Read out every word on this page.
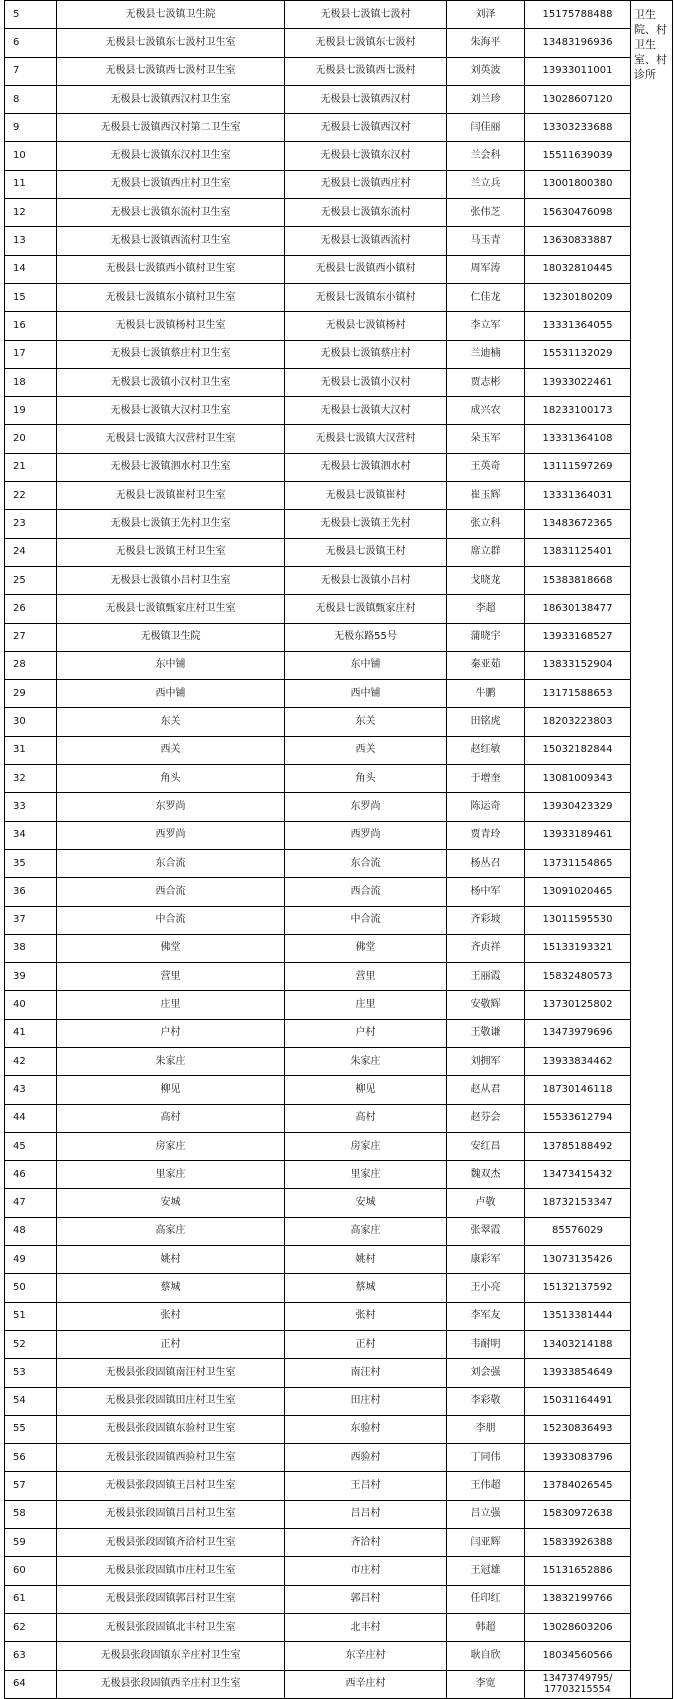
5	无极县七汲镇卫生院	无极县七汲镇七汲村	刘泽	15175788488	卫生院、村卫生室、村诊所
6	无极县七汲镇东七汲村卫生室	无极县七汲镇东七汲村	朱海平	13483196936	
7	无极县七汲镇西七汲村卫生室	无极县七汲镇西七汲村	刘英波	13933011001	
8	无极县七汲镇西汉村卫生室	无极县七汲镇西汉村	刘兰珍	13028607120	
9	无极县七汲镇西汉村第二卫生室	无极县七汲镇西汉村	闫佳丽	13303233688	
10	无极县七汲镇东汉村卫生室	无极县七汲镇东汉村	兰会科	15511639039	
11	无极县七汲镇西庄村卫生室	无极县七汲镇西庄村	兰立兵	13001800380	
12	无极县七汲镇东流村卫生室	无极县七汲镇东流村	张伟芝	15630476098	
13	无极县七汲镇西流村卫生室	无极县七汲镇西流村	马玉青	13630833887	
14	无极县七汲镇西小镇村卫生室	无极县七汲镇西小镇村	周军涛	18032810445	
15	无极县七汲镇东小镇村卫生室	无极县七汲镇东小镇村	仁佳龙	13230180209	
16	无极县七汲镇杨村卫生室	无极县七汲镇杨村	李立军	13331364055	
17	无极县七汲镇蔡庄村卫生室	无极县七汲镇蔡庄村	兰迪楠	15531132029	
18	无极县七汲镇小汉村卫生室	无极县七汲镇小汉村	贾志彬	13933022461	
19	无极县七汲镇大汉村卫生室	无极县七汲镇大汉村	成兴农	18233100173	
20	无极县七汲镇大汉营村卫生室	无极县七汲镇大汉营村	朵玉军	13331364108	
21	无极县七汲镇泗水村卫生室	无极县七汲镇泗水村	王英奇	13111597269	
22	无极县七汲镇崔村卫生室	无极县七汲镇崔村	崔玉辉	13331364031	
23	无极县七汲镇王先村卫生室	无极县七汲镇王先村	张立科	13483672365	
24	无极县七汲镇王村卫生室	无极县七汲镇王村	席立群	13831125401	
25	无极县七汲镇小吕村卫生室	无极县七汲镇小吕村	戈晓龙	15383818668	
26	无极县七汲镇甄家庄村卫生室	无极县七汲镇甄家庄村	李超	18630138477	
27	无极镇卫生院	无极东路55号	蒲晓宇	13933168527	
28	东中铺	东中铺	秦亚茹	13833152904	
29	西中铺	西中铺	牛鹏	13171588653	
30	东关	东关	田铭虎	18203223803	
31	西关	西关	赵红敏	15032182844	
32	角头	角头	于增奎	13081009343	
33	东罗尚	东罗尚	陈运奇	13930423329	
34	西罗尚	西罗尚	贾青玲	13933189461	
35	东合流	东合流	杨丛召	13731154865	
36	西合流	西合流	杨中军	13091020465	
37	中合流	中合流	齐彩坡	13011595530	
38	佛堂	佛堂	齐贞祥	15133193321	
39	营里	营里	王丽霞	15832480573	
40	庄里	庄里	安敬辉	13730125802	
41	户村	户村	王敬谦	13473979696	
42	朱家庄	朱家庄	刘拥军	13933834462	
43	柳见	柳见	赵从君	18730146118	
44	高村	高村	赵芬会	15533612794	
45	房家庄	房家庄	安红昌	13785188492	
46	里家庄	里家庄	魏双杰	13473415432	
47	安城	安城	卢敬	18732153347	
48	高家庄	高家庄	张翠霞	85576029	
49	姚村	姚村	康彩军	13073135426	
50	蔡城	蔡城	王小亮	15132137592	
51	张村	张村	李军友	13513381444	
52	正村	正村	韦耐明	13403214188	
53	无极县张段固镇南汪村卫生室	南汪村	刘会强	13933854649	
54	无极县张段固镇田庄村卫生室	田庄村	李彩敬	15031164491	
55	无极县张段固镇东验村卫生室	东验村	李朋	15230836493	
56	无极县张段固镇西验村卫生室	西验村	丁同伟	13933083796	
57	无极县张段固镇王吕村卫生室	王吕村	王伟超	13784026545	
58	无极县张段固镇吕吕村卫生室	吕吕村	吕立强	15830972638	
59	无极县张段固镇齐洽村卫生室	齐洽村	闫亚辉	15833926388	
60	无极县张段固镇市庄村卫生室	市庄村	王冠雄	15131652886	
61	无极县张段固镇郭吕村卫生室	郭吕村	任印红	13832199766	
62	无极县张段固镇北丰村卫生室	北丰村	韩超	13028603206	
63	无极县张段固镇东辛庄村卫生室	东辛庄村	耿自欣	18034560566	
64	无极县张段固镇西辛庄村卫生室	西辛庄村	李宽	13473749795/
17703215554	
